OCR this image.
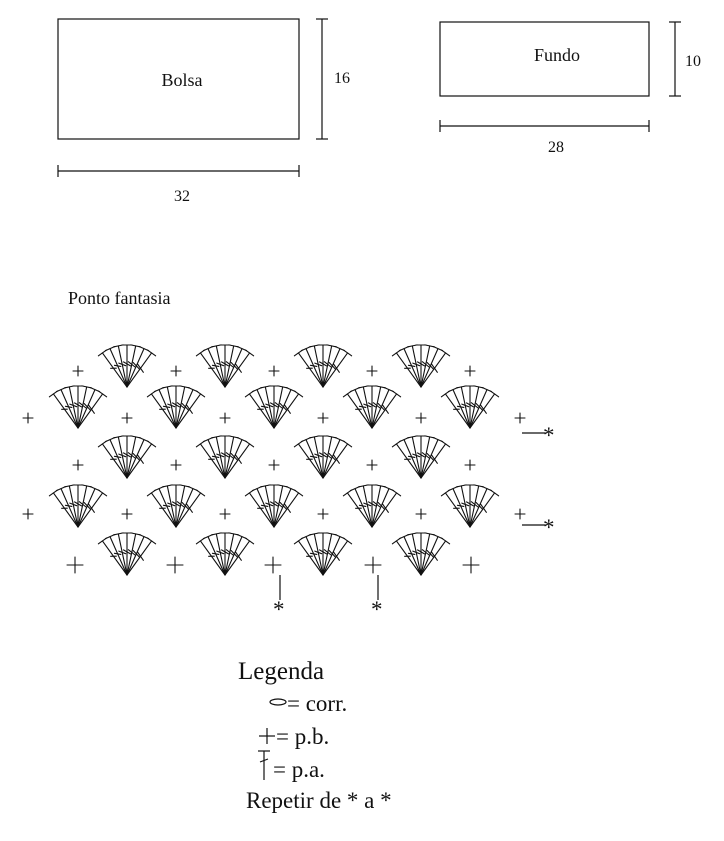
Bolsa	16
32
Fundo	10
28
Ponto fantasia
*
*
*	*
Legenda
= corr.
= p.b.
= p.a.
Repetir de * a *
